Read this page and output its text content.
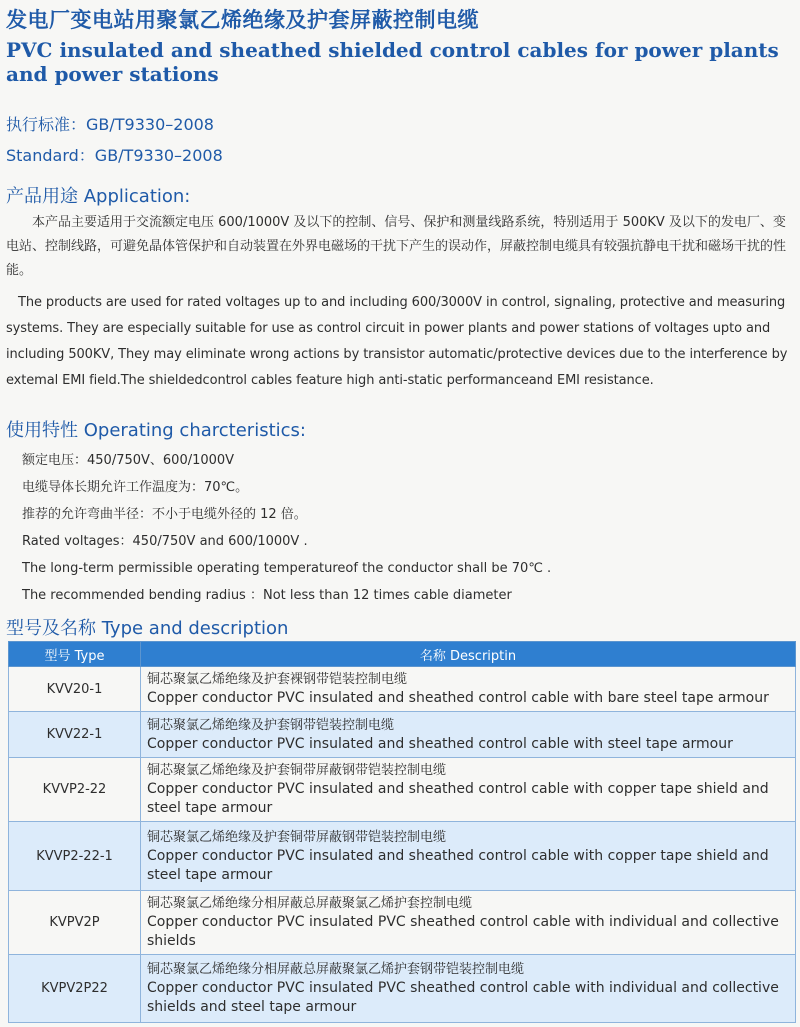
发电厂变电站用聚氯乙烯绝缘及护套屏蔽控制电缆
PVC insulated and sheathed shielded control cables for power plants and power stations
执行标准：GB/T9330–2008
Standard：GB/T9330–2008
产品用途 Application:
本产品主要适用于交流额定电压 600/1000V 及以下的控制、信号、保护和测量线路系统，特别适用于 500KV 及以下的发电厂、变电站、控制线路，可避免晶体管保护和自动装置在外界电磁场的干扰下产生的误动作，屏蔽控制电缆具有较强抗静电干扰和磁场干扰的性能。
The products are used for rated voltages up to and including 600/3000V in control, signaling, protective and measuring systems. They are especially suitable for use as control circuit in power plants and power stations of voltages upto and including 500KV, They may eliminate wrong actions by transistor automatic/protective devices due to the interference by extemal EMI field.The shieldedcontrol cables feature high anti-static performanceand EMI resistance.
使用特性 Operating charcteristics:
额定电压：450/750V、600/1000V
电缆导体长期允许工作温度为：70℃。
推荐的允许弯曲半径：不小于电缆外径的 12 倍。
Rated voltages：450/750V and 600/1000V .
The long-term permissible operating temperatureof the conductor shall be 70℃ .
The recommended bending radius ：Not less than 12 times cable diameter
型号及名称 Type and description
型号 Type	名称 Descriptin
KVV20-1	铜芯聚氯乙烯绝缘及护套裸钢带铠装控制电缆
Copper conductor PVC insulated and sheathed control cable with bare steel tape armour

KVV22-1	铜芯聚氯乙烯绝缘及护套钢带铠装控制电缆
Copper conductor PVC insulated and sheathed control cable with steel tape armour

KVVP2-22	铜芯聚氯乙烯绝缘及护套铜带屏蔽钢带铠装控制电缆
Copper conductor PVC insulated and sheathed control cable with copper tape shield and steel tape armour

KVVP2-22-1	铜芯聚氯乙烯绝缘及护套铜带屏蔽钢带铠装控制电缆
Copper conductor PVC insulated and sheathed control cable with copper tape shield and steel tape armour

KVPV2P	铜芯聚氯乙烯绝缘分相屏蔽总屏蔽聚氯乙烯护套控制电缆
Copper conductor PVC insulated PVC sheathed control cable with individual and collective shields

KVPV2P22	铜芯聚氯乙烯绝缘分相屏蔽总屏蔽聚氯乙烯护套钢带铠装控制电缆
Copper conductor PVC insulated PVC sheathed control cable with individual and collective shields and steel tape armour
